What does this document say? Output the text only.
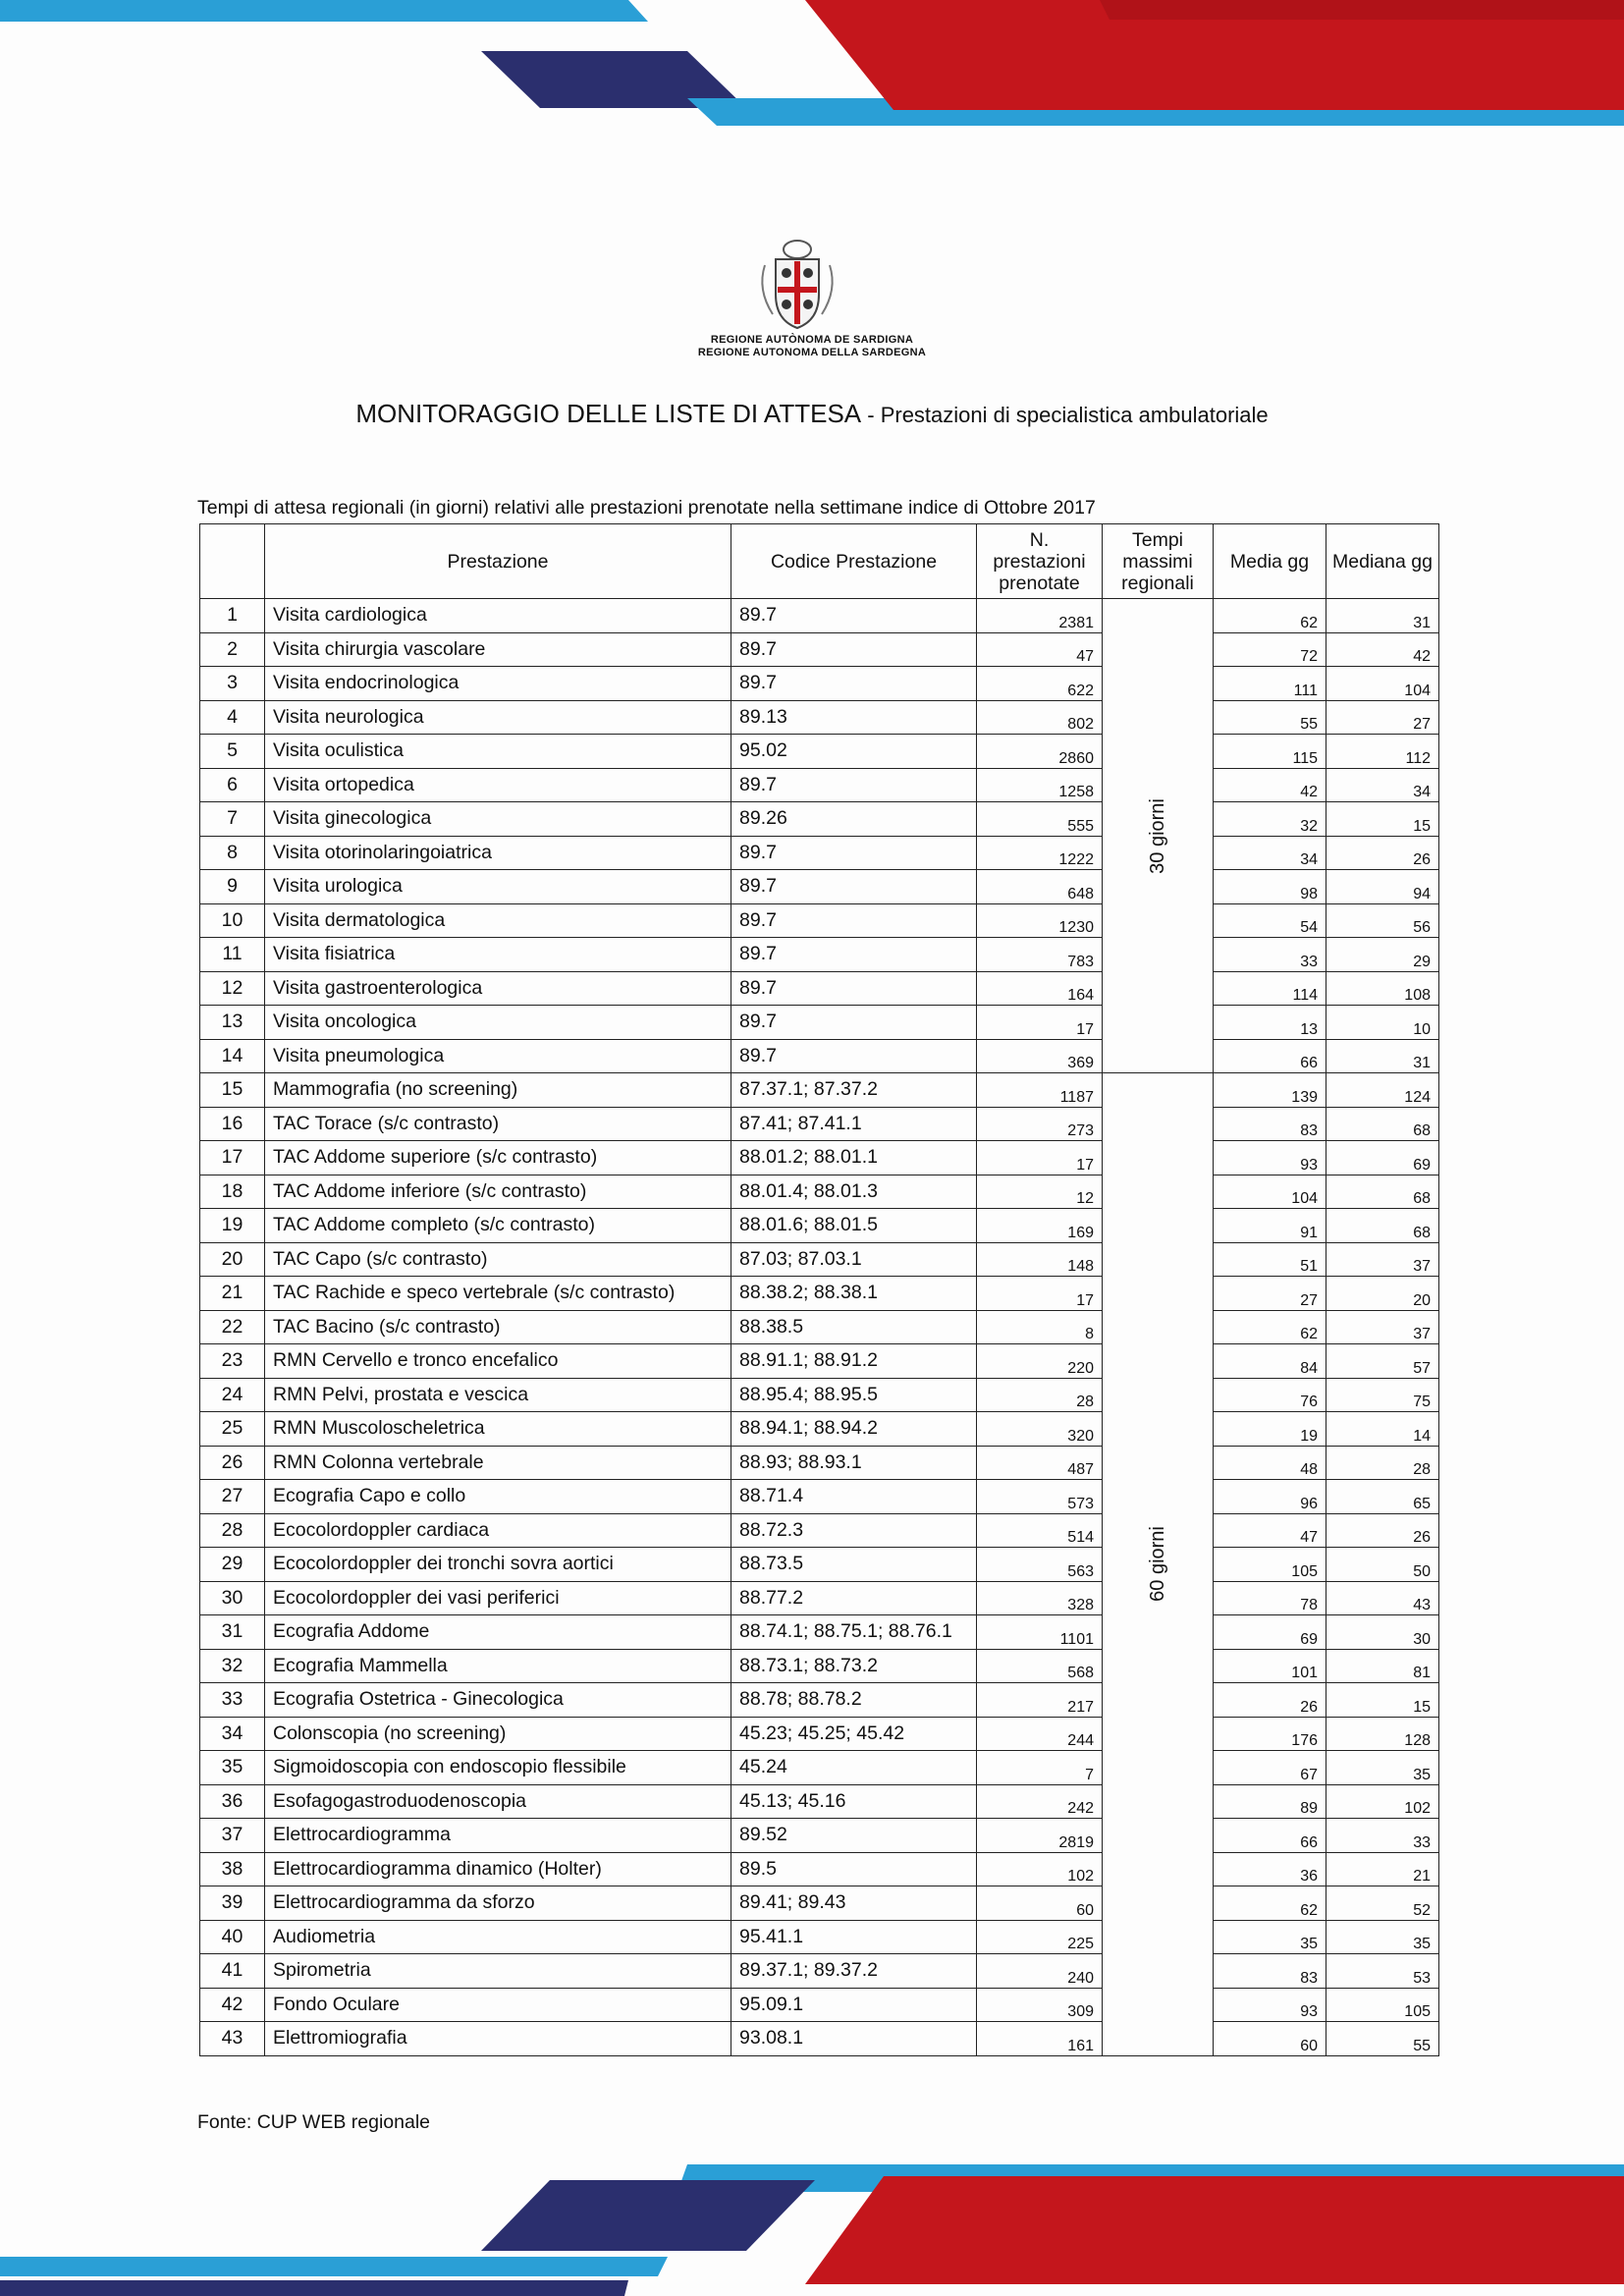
REGIONE AUTÒNOMA DE SARDIGNA
REGIONE AUTONOMA DELLA SARDEGNA
MONITORAGGIO DELLE LISTE DI ATTESA - Prestazioni di specialistica ambulatoriale
Tempi di attesa regionali (in giorni) relativi alle prestazioni prenotate nella settimane indice di Ottobre 2017
	Prestazione	Codice Prestazione	N. prestazioni prenotate	Tempi massimi regionali	Media gg	Mediana gg
1	Visita cardiologica	89.7	2381	30 giorni	62	31
2	Visita chirurgia vascolare	89.7	47		72	42
3	Visita endocrinologica	89.7	622		111	104
4	Visita neurologica	89.13	802		55	27
5	Visita oculistica	95.02	2860		115	112
6	Visita ortopedica	89.7	1258		42	34
7	Visita ginecologica	89.26	555		32	15
8	Visita otorinolaringoiatrica	89.7	1222		34	26
9	Visita urologica	89.7	648		98	94
10	Visita dermatologica	89.7	1230		54	56
11	Visita fisiatrica	89.7	783		33	29
12	Visita gastroenterologica	89.7	164		114	108
13	Visita oncologica	89.7	17		13	10
14	Visita pneumologica	89.7	369		66	31
15	Mammografia (no screening)	87.37.1; 87.37.2	1187	60 giorni	139	124
16	TAC Torace (s/c contrasto)	87.41; 87.41.1	273		83	68
17	TAC Addome superiore (s/c contrasto)	88.01.2; 88.01.1	17		93	69
18	TAC Addome inferiore (s/c contrasto)	88.01.4; 88.01.3	12		104	68
19	TAC Addome completo (s/c contrasto)	88.01.6; 88.01.5	169		91	68
20	TAC Capo (s/c contrasto)	87.03; 87.03.1	148		51	37
21	TAC Rachide e speco vertebrale (s/c contrasto)	88.38.2; 88.38.1	17		27	20
22	TAC Bacino (s/c contrasto)	88.38.5	8		62	37
23	RMN Cervello e tronco encefalico	88.91.1; 88.91.2	220		84	57
24	RMN Pelvi, prostata e vescica	88.95.4; 88.95.5	28		76	75
25	RMN Muscoloscheletrica	88.94.1; 88.94.2	320		19	14
26	RMN Colonna vertebrale	88.93; 88.93.1	487		48	28
27	Ecografia Capo e collo	88.71.4	573		96	65
28	Ecocolordoppler cardiaca	88.72.3	514		47	26
29	Ecocolordoppler dei tronchi sovra aortici	88.73.5	563		105	50
30	Ecocolordoppler dei vasi periferici	88.77.2	328		78	43
31	Ecografia Addome	88.74.1; 88.75.1; 88.76.1	1101		69	30
32	Ecografia Mammella	88.73.1; 88.73.2	568		101	81
33	Ecografia Ostetrica - Ginecologica	88.78; 88.78.2	217		26	15
34	Colonscopia (no screening)	45.23; 45.25; 45.42	244		176	128
35	Sigmoidoscopia con endoscopio flessibile	45.24	7		67	35
36	Esofagogastroduodenoscopia	45.13; 45.16	242		89	102
37	Elettrocardiogramma	89.52	2819		66	33
38	Elettrocardiogramma dinamico (Holter)	89.5	102		36	21
39	Elettrocardiogramma da sforzo	89.41; 89.43	60		62	52
40	Audiometria	95.41.1	225		35	35
41	Spirometria	89.37.1; 89.37.2	240		83	53
42	Fondo Oculare	95.09.1	309		93	105
43	Elettromiografia	93.08.1	161		60	55
Fonte: CUP WEB regionale
